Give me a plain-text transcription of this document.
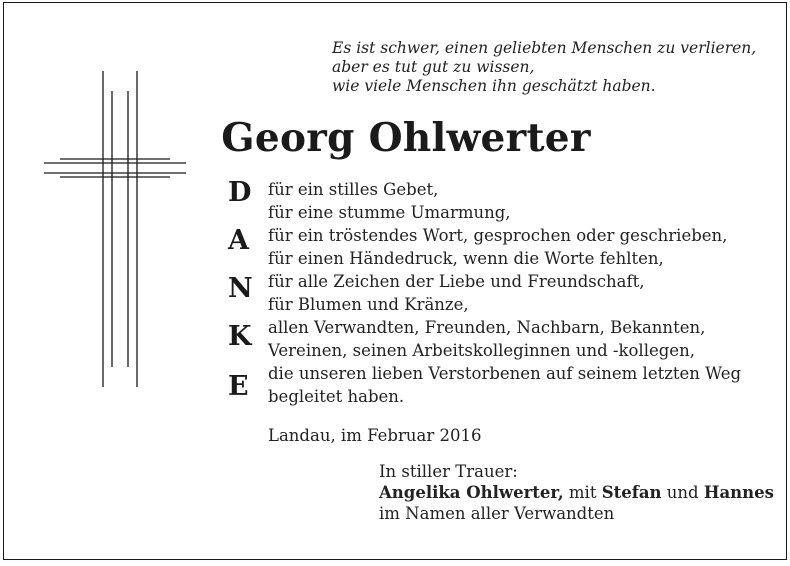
Es ist schwer, einen geliebten Menschen zu verlieren,
aber es tut gut zu wissen,
wie viele Menschen ihn geschätzt haben.
Georg Ohlwerter
D
A
N
K
E
für ein stilles Gebet,
für eine stumme Umarmung,
für ein tröstendes Wort, gesprochen oder geschrieben,
für einen Händedruck, wenn die Worte fehlten,
für alle Zeichen der Liebe und Freundschaft,
für Blumen und Kränze,
allen Verwandten, Freunden, Nachbarn, Bekannten,
Vereinen, seinen Arbeitskolleginnen und -kollegen,
die unseren lieben Verstorbenen auf seinem letzten Weg
begleitet haben.
Landau, im Februar 2016
In stiller Trauer:
Angelika Ohlwerter, mit Stefan und Hannes
im Namen aller Verwandten
